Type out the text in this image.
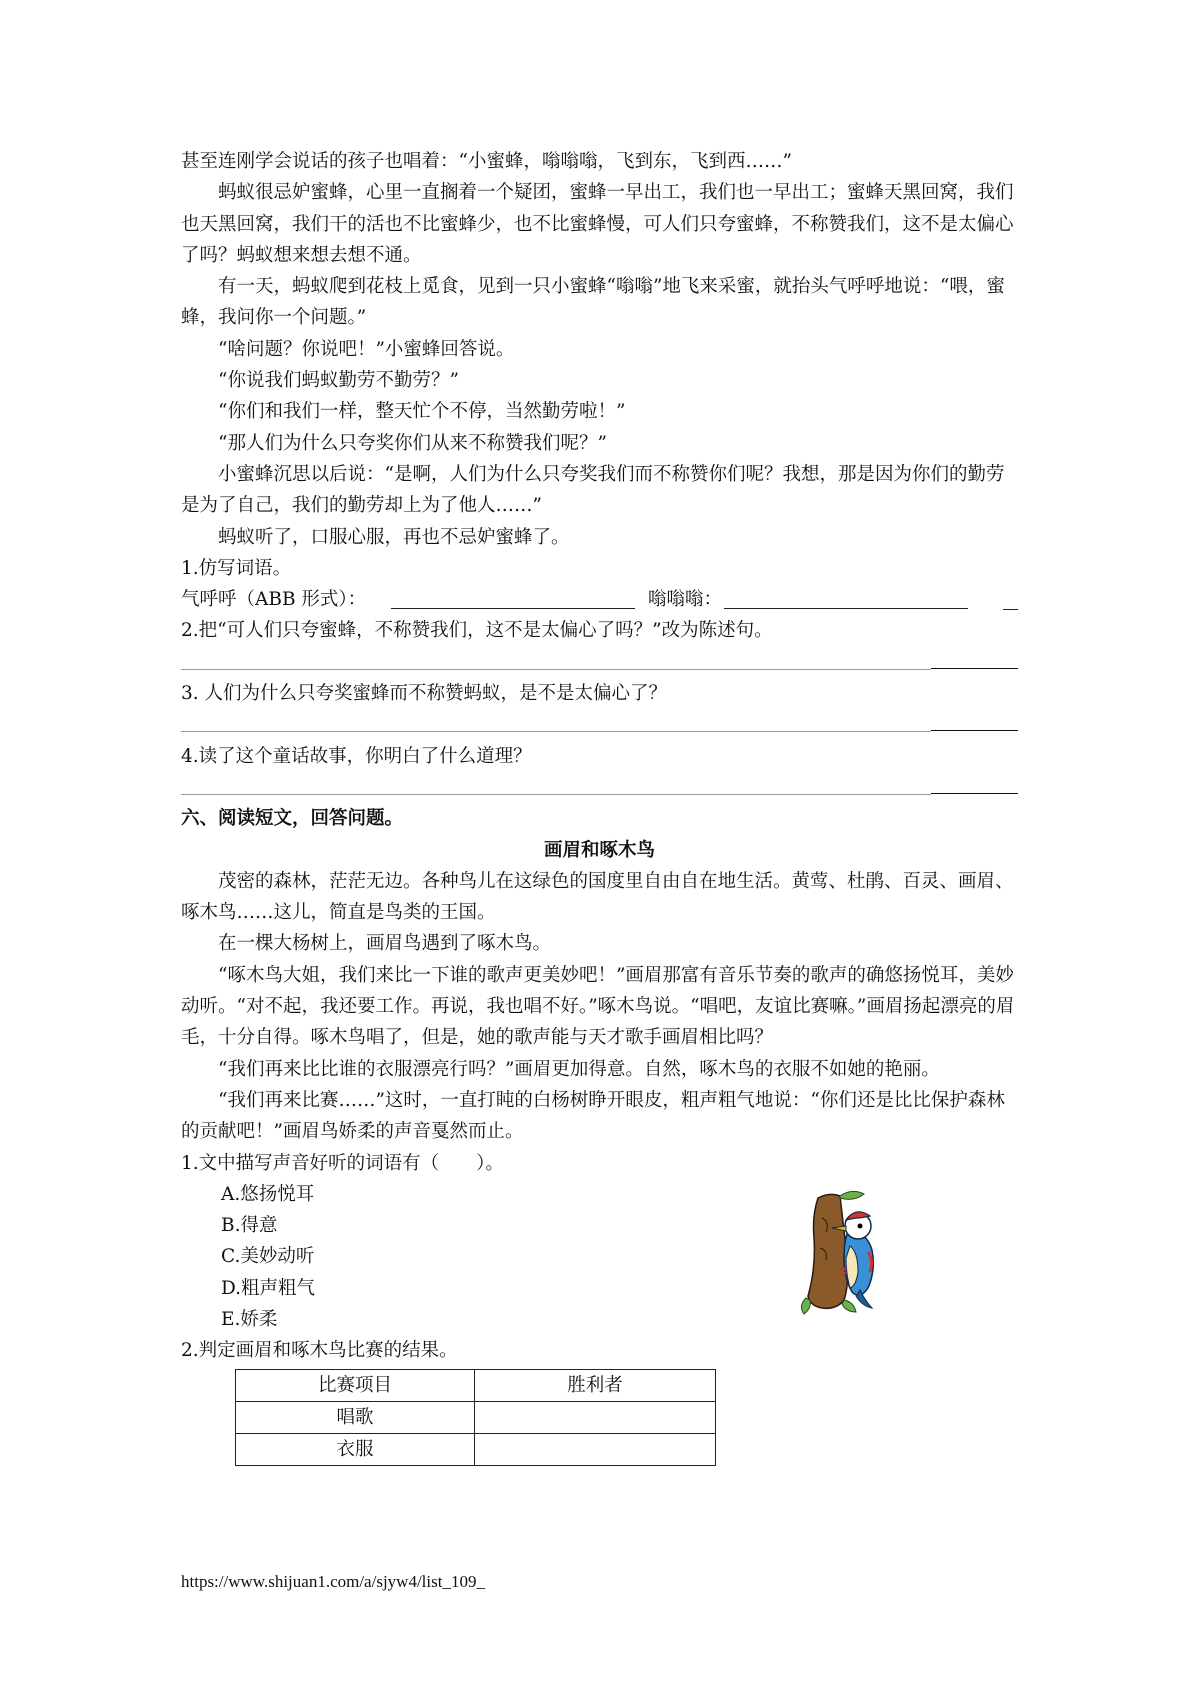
甚至连刚学会说话的孩子也唱着：“小蜜蜂，嗡嗡嗡，飞到东，飞到西……”

蚂蚁很忌妒蜜蜂，心里一直搁着一个疑团，蜜蜂一早出工，我们也一早出工；蜜蜂天黑回窝，我们也天黑回窝，我们干的活也不比蜜蜂少，也不比蜜蜂慢，可人们只夸蜜蜂，不称赞我们，这不是太偏心了吗？蚂蚁想来想去想不通。

有一天，蚂蚁爬到花枝上觅食，见到一只小蜜蜂“嗡嗡”地飞来采蜜，就抬头气呼呼地说：“喂，蜜蜂，我问你一个问题。”

“啥问题？你说吧！”小蜜蜂回答说。

“你说我们蚂蚁勤劳不勤劳？”

“你们和我们一样，整天忙个不停，当然勤劳啦！”

“那人们为什么只夸奖你们从来不称赞我们呢？”

小蜜蜂沉思以后说：“是啊，人们为什么只夸奖我们而不称赞你们呢？我想，那是因为你们的勤劳是为了自己，我们的勤劳却上为了他人……”

蚂蚁听了，口服心服，再也不忌妒蜜蜂了。

1.仿写词语。

气呼呼（ABB 形式）：	嗡嗡嗡：

2.把“可人们只夸蜜蜂，不称赞我们，这不是太偏心了吗？”改为陈述句。

3. 人们为什么只夸奖蜜蜂而不称赞蚂蚁，是不是太偏心了？

4.读了这个童话故事，你明白了什么道理？

六、阅读短文，回答问题。

画眉和啄木鸟

茂密的森林，茫茫无边。各种鸟儿在这绿色的国度里自由自在地生活。黄莺、杜鹃、百灵、画眉、啄木鸟……这儿，简直是鸟类的王国。

在一棵大杨树上，画眉鸟遇到了啄木鸟。

“啄木鸟大姐，我们来比一下谁的歌声更美妙吧！”画眉那富有音乐节奏的歌声的确悠扬悦耳，美妙动听。“对不起，我还要工作。再说，我也唱不好。”啄木鸟说。“唱吧，友谊比赛嘛。”画眉扬起漂亮的眉毛，十分自得。啄木鸟唱了，但是，她的歌声能与天才歌手画眉相比吗？

“我们再来比比谁的衣服漂亮行吗？”画眉更加得意。自然，啄木鸟的衣服不如她的艳丽。

“我们再来比赛……”这时，一直打盹的白杨树睁开眼皮，粗声粗气地说：“你们还是比比保护森林的贡献吧！”画眉鸟娇柔的声音戛然而止。

1.文中描写声音好听的词语有（　　）。

A.悠扬悦耳

B.得意

C.美妙动听

D.粗声粗气

E.娇柔

2.判定画眉和啄木鸟比赛的结果。

比赛项目	胜利者
唱歌	
衣服	
https://www.shijuan1.com/a/sjyw4/list_109_
